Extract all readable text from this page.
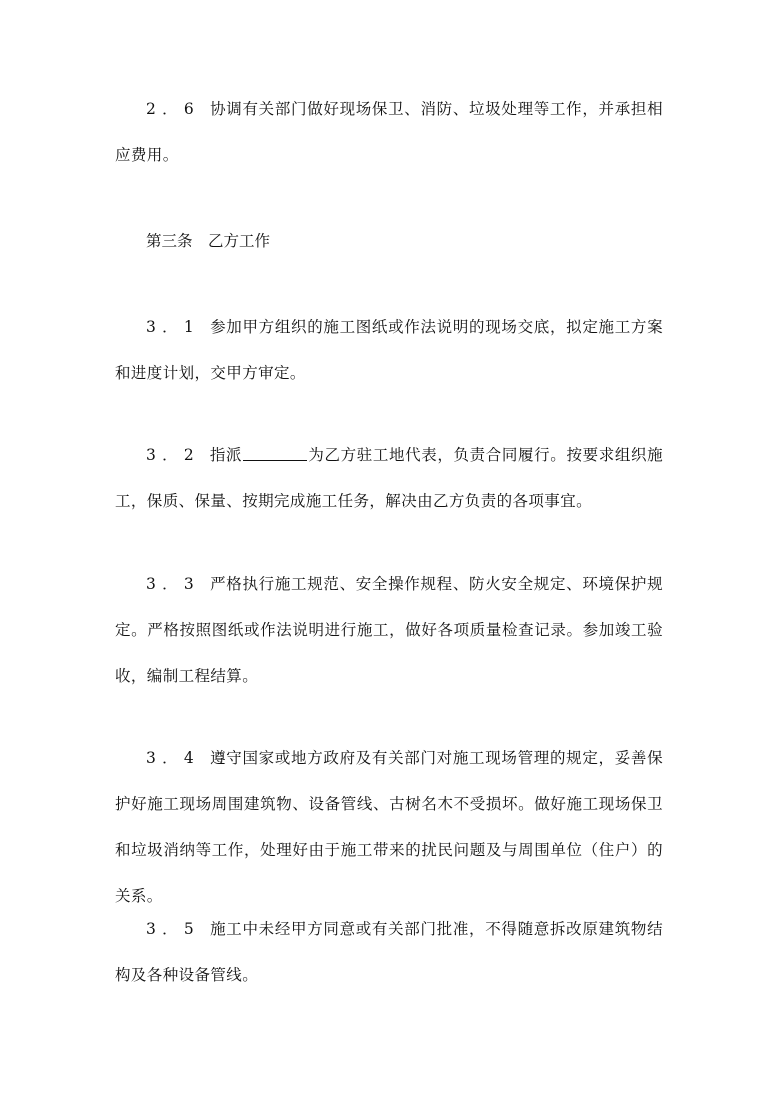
2．6 协调有关部门做好现场保卫、消防、垃圾处理等工作，并承担相应费用。

第三条　乙方工作

3．1 参加甲方组织的施工图纸或作法说明的现场交底，拟定施工方案和进度计划，交甲方审定。

3．2 指派	为乙方驻工地代表，负责合同履行。按要求组织施工，保质、保量、按期完成施工任务，解决由乙方负责的各项事宜。

3．3 严格执行施工规范、安全操作规程、防火安全规定、环境保护规定。严格按照图纸或作法说明进行施工，做好各项质量检查记录。参加竣工验收，编制工程结算。

3．4 遵守国家或地方政府及有关部门对施工现场管理的规定，妥善保护好施工现场周围建筑物、设备管线、古树名木不受损坏。做好施工现场保卫和垃圾消纳等工作，处理好由于施工带来的扰民问题及与周围单位（住户）的关系。

3．5 施工中未经甲方同意或有关部门批准，不得随意拆改原建筑物结构及各种设备管线。
